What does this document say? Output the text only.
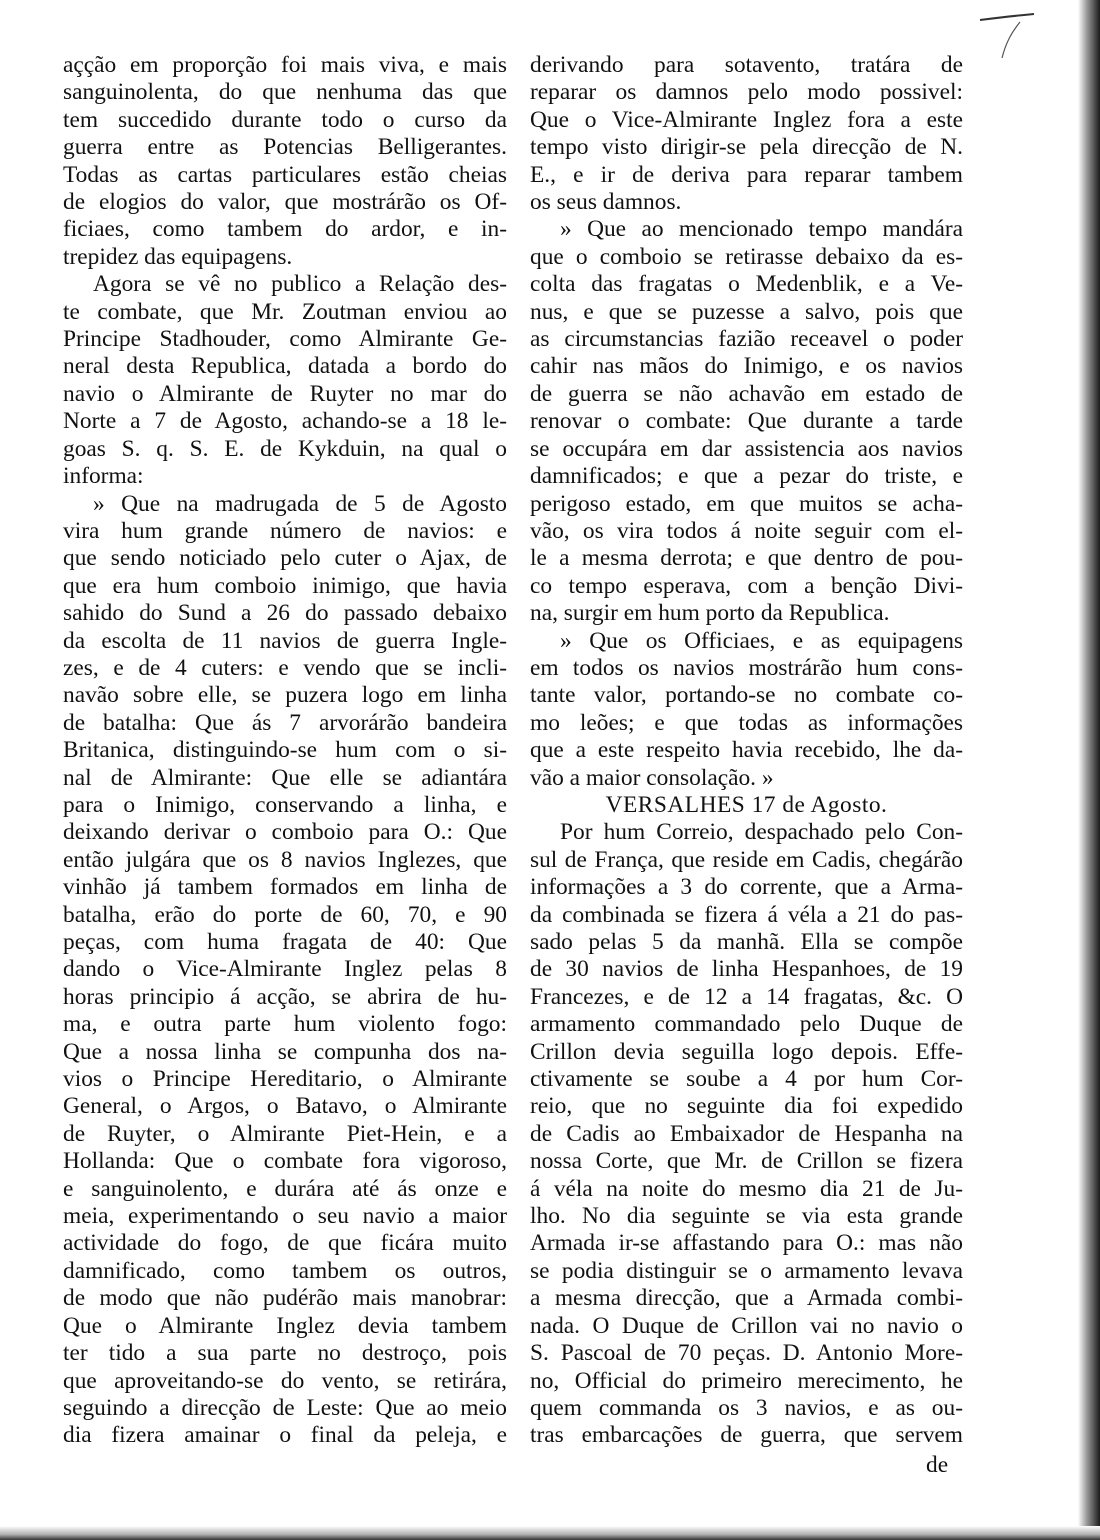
açção em proporção foi mais viva, e mais
sanguinolenta, do que nenhuma das que
tem succedido durante todo o curso da
guerra entre as Potencias Belligerantes.
Todas as cartas particulares estão cheias
de elogios do valor, que mostrárão os Of-
ficiaes, como tambem do ardor, e in-
trepidez das equipagens.
Agora se vê no publico a Relação des-
te combate, que Mr. Zoutman enviou ao
Principe Stadhouder, como Almirante Ge-
neral desta Republica, datada a bordo do
navio o Almirante de Ruyter no mar do
Norte a 7 de Agosto, achando-se a 18 le-
goas S. q. S. E. de Kykduin, na qual o
informa:
» Que na madrugada de 5 de Agosto
vira hum grande número de navios: e
que sendo noticiado pelo cuter o Ajax, de
que era hum comboio inimigo, que havia
sahido do Sund a 26 do passado debaixo
da escolta de 11 navios de guerra Ingle-
zes, e de 4 cuters: e vendo que se incli-
navão sobre elle, se puzera logo em linha
de batalha: Que ás 7 arvorárão bandeira
Britanica, distinguindo-se hum com o si-
nal de Almirante: Que elle se adiantára
para o Inimigo, conservando a linha, e
deixando derivar o comboio para O.: Que
então julgára que os 8 navios Inglezes, que
vinhão já tambem formados em linha de
batalha, erão do porte de 60, 70, e 90
peças, com huma fragata de 40: Que
dando o Vice-Almirante Inglez pelas 8
horas principio á acção, se abrira de hu-
ma, e outra parte hum violento fogo:
Que a nossa linha se compunha dos na-
vios o Principe Hereditario, o Almirante
General, o Argos, o Batavo, o Almirante
de Ruyter, o Almirante Piet-Hein, e a
Hollanda: Que o combate fora vigoroso,
e sanguinolento, e durára até ás onze e
meia, experimentando o seu navio a maior
actividade do fogo, de que ficára muito
damnificado, como tambem os outros,
de modo que não pudérão mais manobrar:
Que o Almirante Inglez devia tambem
ter tido a sua parte no destroço, pois
que aproveitando-se do vento, se retirára,
seguindo a direcção de Leste: Que ao meio
dia fizera amainar o final da peleja, e
derivando para sotavento, tratára de
reparar os damnos pelo modo possivel:
Que o Vice-Almirante Inglez fora a este
tempo visto dirigir-se pela direcção de N.
E., e ir de deriva para reparar tambem
os seus damnos.
» Que ao mencionado tempo mandára
que o comboio se retirasse debaixo da es-
colta das fragatas o Medenblik, e a Ve-
nus, e que se puzesse a salvo, pois que
as circumstancias fazião receavel o poder
cahir nas mãos do Inimigo, e os navios
de guerra se não achavão em estado de
renovar o combate: Que durante a tarde
se occupára em dar assistencia aos navios
damnificados; e que a pezar do triste, e
perigoso estado, em que muitos se acha-
vão, os vira todos á noite seguir com el-
le a mesma derrota; e que dentro de pou-
co tempo esperava, com a benção Divi-
na, surgir em hum porto da Republica.
» Que os Officiaes, e as equipagens
em todos os navios mostrárão hum cons-
tante valor, portando-se no combate co-
mo leões; e que todas as informações
que a este respeito havia recebido, lhe da-
vão a maior consolação. »
VERSALHES 17 de Agosto.
Por hum Correio, despachado pelo Con-
sul de França, que reside em Cadis, chegárão
informações a 3 do corrente, que a Arma-
da combinada se fizera á véla a 21 do pas-
sado pelas 5 da manhã. Ella se compõe
de 30 navios de linha Hespanhoes, de 19
Francezes, e de 12 a 14 fragatas, &c. O
armamento commandado pelo Duque de
Crillon devia seguilla logo depois. Effe-
ctivamente se soube a 4 por hum Cor-
reio, que no seguinte dia foi expedido
de Cadis ao Embaixador de Hespanha na
nossa Corte, que Mr. de Crillon se fizera
á véla na noite do mesmo dia 21 de Ju-
lho. No dia seguinte se via esta grande
Armada ir-se affastando para O.: mas não
se podia distinguir se o armamento levava
a mesma direcção, que a Armada combi-
nada. O Duque de Crillon vai no navio o
S. Pascoal de 70 peças. D. Antonio More-
no, Official do primeiro merecimento, he
quem commanda os 3 navios, e as ou-
tras embarcações de guerra, que servem
de
